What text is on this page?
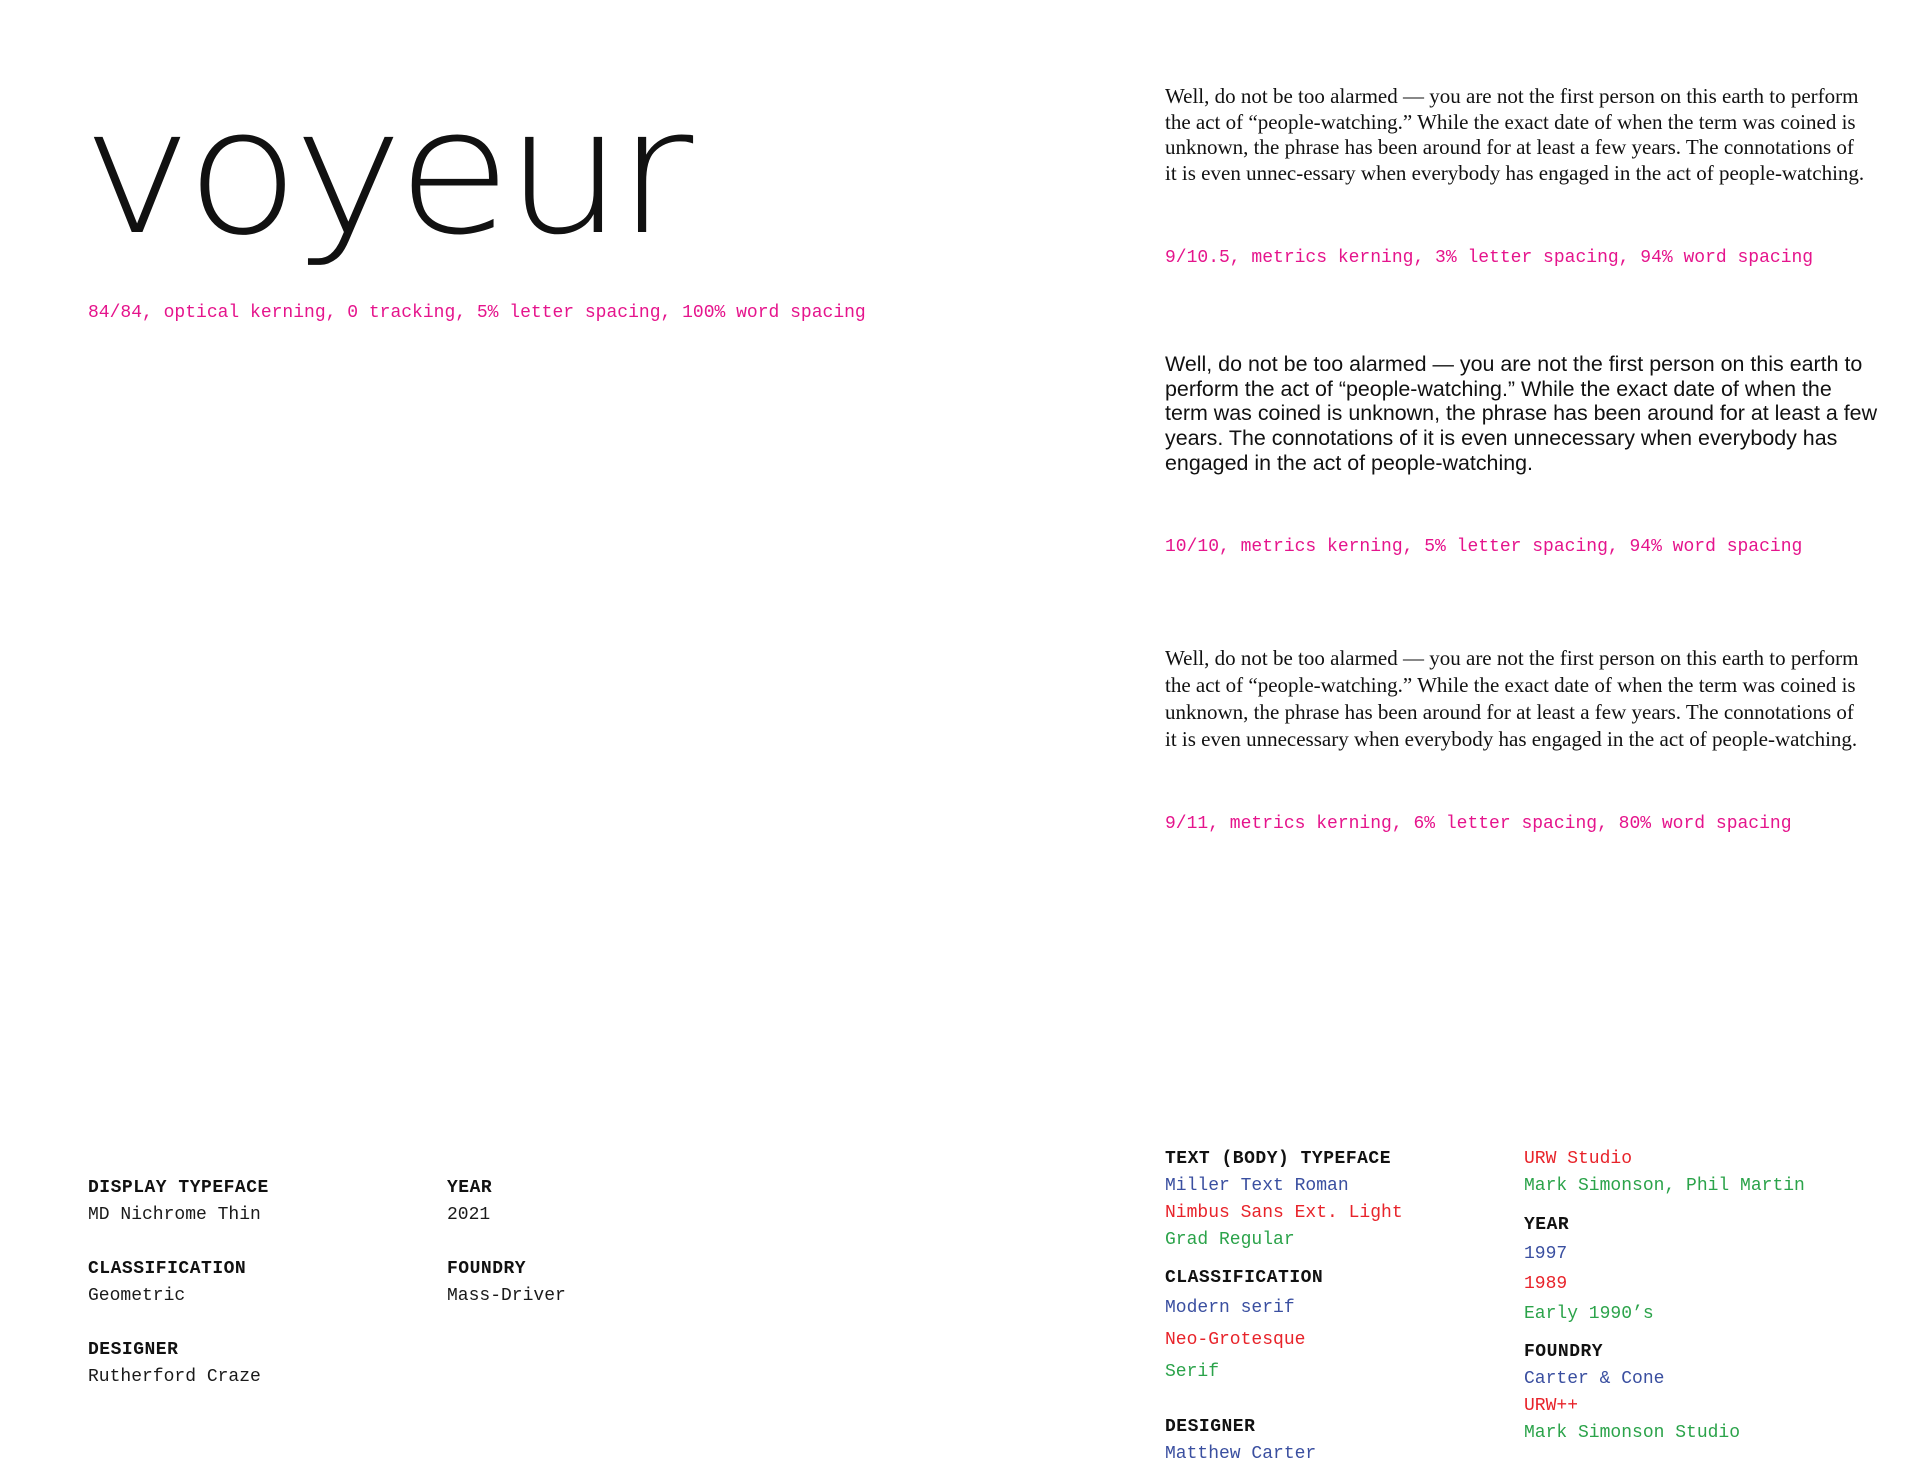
voyeur
84/84, optical kerning, 0 tracking, 5% letter spacing, 100% word spacing
Well, do not be too alarmed — you are not the first person on this earth to perform the act of “people-watching.” While the exact date of when the term was coined is unknown, the phrase has been around for at least a few years. The connotations of it is even unnec-essary when everybody has engaged in the act of people-watching.
9/10.5, metrics kerning, 3% letter spacing, 94% word spacing
Well, do not be too alarmed — you are not the first person on this earth to perform the act of “people-watching.” While the exact date of when the term was coined is unknown, the phrase has been around for at least a few years. The connotations of it is even unnecessary when everybody has engaged in the act of people-watching.
10/10, metrics kerning, 5% letter spacing, 94% word spacing
Well, do not be too alarmed — you are not the first person on this earth to perform the act of “people-watching.” While the exact date of when the term was coined is unknown, the phrase has been around for at least a few years. The connotations of it is even unnecessary when everybody has engaged in the act of people-watching.
9/11, metrics kerning, 6% letter spacing, 80% word spacing
DISPLAY TYPEFACE
MD Nichrome Thin
CLASSIFICATION
Geometric
DESIGNER
Rutherford Craze
YEAR
2021
FOUNDRY
Mass-Driver
TEXT (BODY) TYPEFACE
Miller Text Roman
Nimbus Sans Ext. Light
Grad Regular
CLASSIFICATION
Modern serif
Neo-Grotesque
Serif
DESIGNER
Matthew Carter
URW Studio
Mark Simonson, Phil Martin
YEAR
1997
1989
Early 1990’s
FOUNDRY
Carter & Cone
URW++
Mark Simonson Studio
